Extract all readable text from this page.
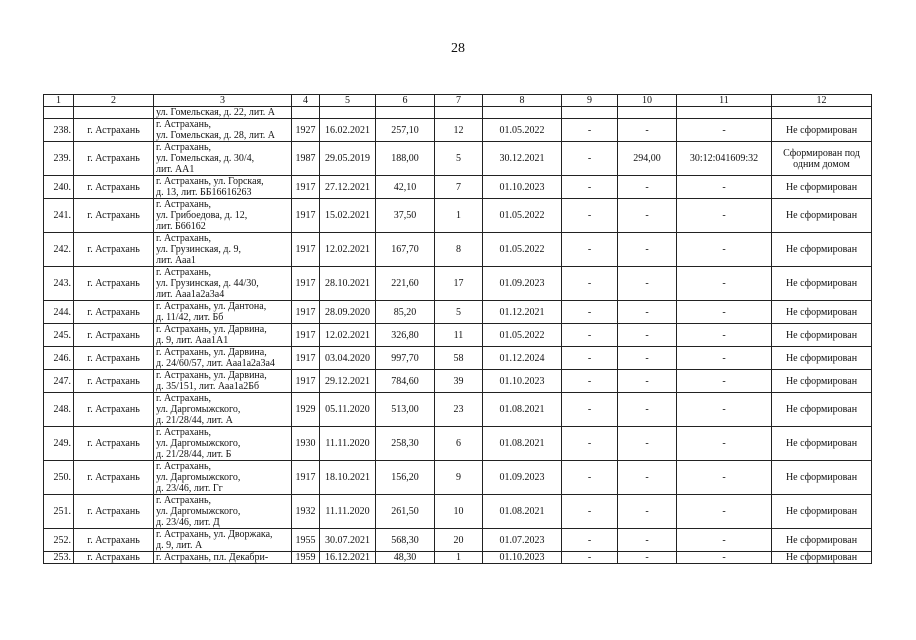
28
1	2	3	4	5	6	7	8	9	10	11	12
		ул. Гомельская, д. 22, лит. А									
238.	г. Астрахань	г. Астрахань,
ул. Гомельская, д. 28, лит. А	1927	16.02.2021	257,10	12	01.05.2022	-	-	-	Не сформирован

239.	г. Астрахань	г. Астрахань,
ул. Гомельская, д. 30/4,
лит. АА1	1987	29.05.2019	188,00	5	30.12.2021	-	294,00	30:12:041609:32	Сформирован под
одним домом

240.	г. Астрахань	г. Астрахань, ул. Горская,
д. 13, лит. ББ16616263	1917	27.12.2021	42,10	7	01.10.2023	-	-	-	Не сформирован

241.	г. Астрахань	г. Астрахань,
ул. Грибоедова, д. 12,
лит. Б66162	1917	15.02.2021	37,50	1	01.05.2022	-	-	-	Не сформирован

242.	г. Астрахань	г. Астрахань,
ул. Грузинская, д. 9,
лит. Ааа1	1917	12.02.2021	167,70	8	01.05.2022	-	-	-	Не сформирован

243.	г. Астрахань	г. Астрахань,
ул. Грузинская, д. 44/30,
лит. Ааа1а2а3а4	1917	28.10.2021	221,60	17	01.09.2023	-	-	-	Не сформирован

244.	г. Астрахань	г. Астрахань, ул. Дантона,
д. 11/42, лит. Бб	1917	28.09.2020	85,20	5	01.12.2021	-	-	-	Не сформирован

245.	г. Астрахань	г. Астрахань, ул. Дарвина,
д. 9, лит. Ааа1А1	1917	12.02.2021	326,80	11	01.05.2022	-	-	-	Не сформирован

246.	г. Астрахань	г. Астрахань, ул. Дарвина,
д. 24/60/57, лит. Ааа1а2а3а4	1917	03.04.2020	997,70	58	01.12.2024	-	-	-	Не сформирован

247.	г. Астрахань	г. Астрахань, ул. Дарвина,
д. 35/151, лит. Ааа1а2Бб	1917	29.12.2021	784,60	39	01.10.2023	-	-	-	Не сформирован

248.	г. Астрахань	г. Астрахань,
ул. Даргомыжского,
д. 21/28/44, лит. А	1929	05.11.2020	513,00	23	01.08.2021	-	-	-	Не сформирован

249.	г. Астрахань	г. Астрахань,
ул. Даргомыжского,
д. 21/28/44, лит. Б	1930	11.11.2020	258,30	6	01.08.2021	-	-	-	Не сформирован

250.	г. Астрахань	г. Астрахань,
ул. Даргомыжского,
д. 23/46, лит. Гг	1917	18.10.2021	156,20	9	01.09.2023	-	-	-	Не сформирован

251.	г. Астрахань	г. Астрахань,
ул. Даргомыжского,
д. 23/46, лит. Д	1932	11.11.2020	261,50	10	01.08.2021	-	-	-	Не сформирован

252.	г. Астрахань	г. Астрахань, ул. Дворжака,
д. 9, лит. А	1955	30.07.2021	568,30	20	01.07.2023	-	-	-	Не сформирован

253.	г. Астрахань	г. Астрахань, пл. Декабри-	1959	16.12.2021	48,30	1	01.10.2023	-	-	-	Не сформирован
